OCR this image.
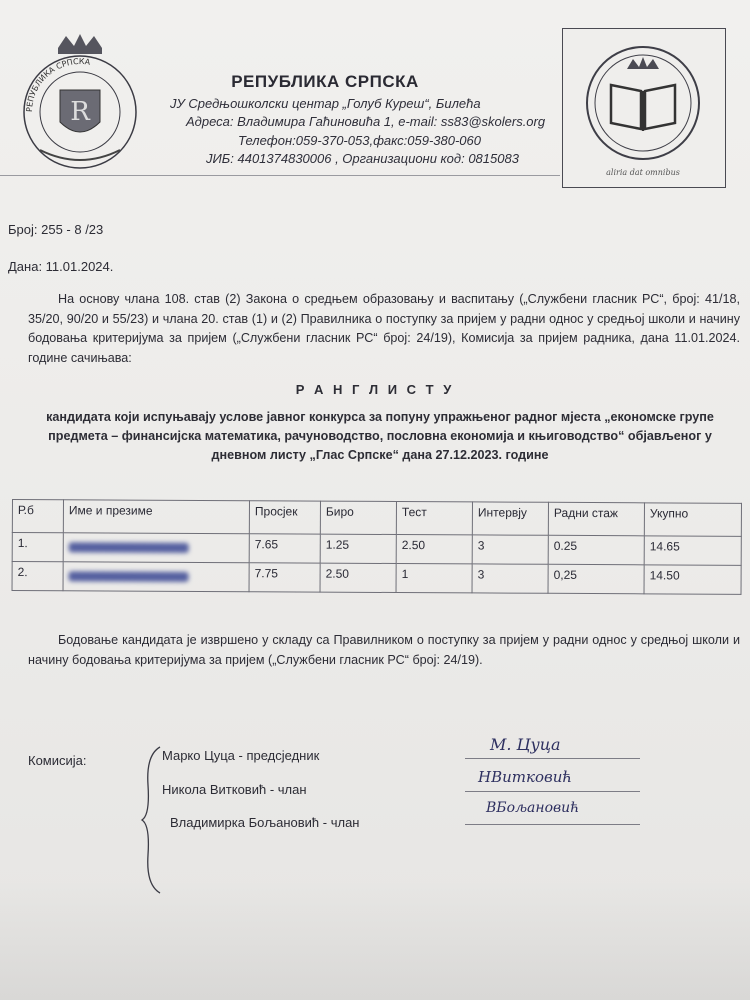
R
РЕПУБЛИКА СРПСКА
РЕПУБЛИКА СРПСКА
ЈУ Средњошколски центар „Голуб Куреш“, Билећа
Адреса: Владимира Гаћиновића 1, e-mail: ss83@skolers.org
Телефон:059-370-053,факс:059-380-060
ЈИБ: 4401374830006 , Организациони код: 0815083
aliria dat omnibus
Број: 255 - 8 /23
Дана: 11.01.2024.
На основу члана 108. став (2) Закона о средњем образовању и васпитању („Службени гласник РС“, број: 41/18, 35/20, 90/20 и 55/23) и члана 20. став (1) и (2) Правилника о поступку за пријем у радни однос у средњој школи и начину бодовања критеријума за пријем („Службени гласник РС“ број: 24/19), Комисија за пријем радника, дана 11.01.2024. године сачињава:
Р А Н Г Л И С Т У
кандидата који испуњавају услове јавног конкурса за попуну упражњеног радног мјеста „економске групе предмета – финансијска математика, рачуноводство, пословна економија и књиговодство“ објављеног у дневном листу „Глас Српске“ дана 27.12.2023. године
Р.б	Име и презиме	Просјек	Биро	Тест	Интервју	Радни стаж	Укупно
1.		7.65	1.25	2.50	3	0.25	14.65
2.		7.75	2.50	1	3	0,25	14.50
Бодовање кандидата је извршено у складу са Правилником о поступку за пријем у радни однос у средњој школи и начину бодовања критеријума за пријем („Службени гласник РС“ број: 24/19).
Комисија:	Марко Цуца - предсједник
Никола Витковић - члан
Владимирка Бољановић - члан
М. Цуца
НВитковић
ВБољановић
